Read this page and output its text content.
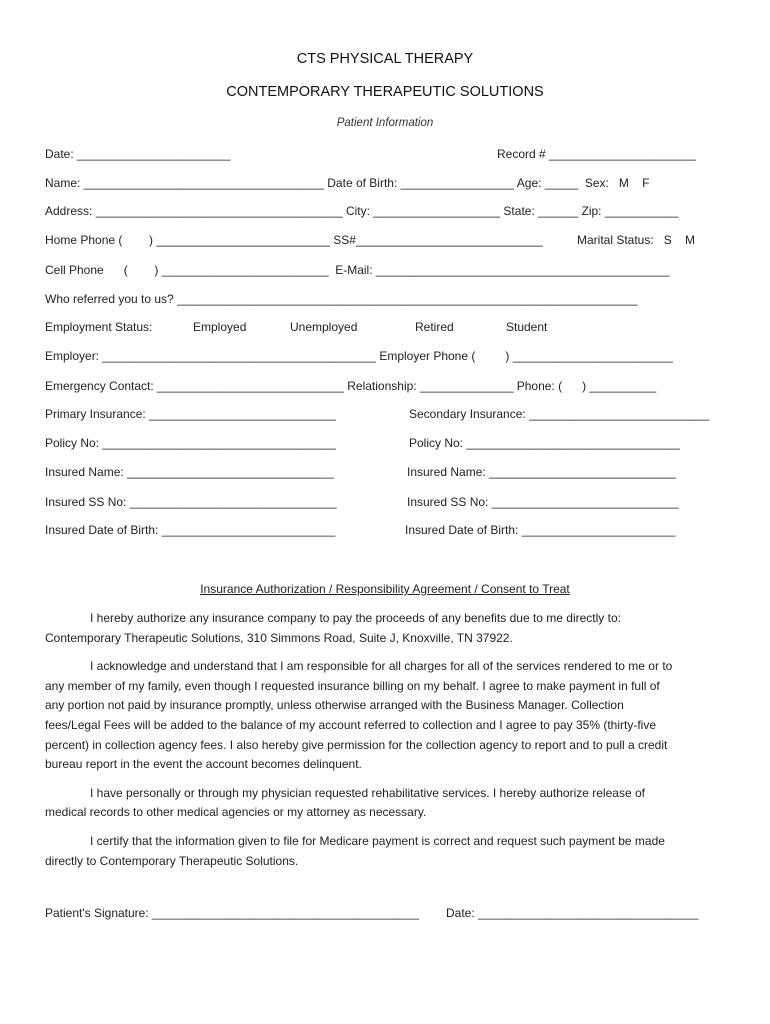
CTS PHYSICAL THERAPY
CONTEMPORARY THERAPEUTIC SOLUTIONS
Patient Information
Date: _______________________	Record # ______________________
Name: ____________________________________ Date of Birth: _________________ Age: _____  Sex:   M    F
Address: _____________________________________ City: ___________________ State: ______ Zip: ___________
Home Phone (        ) __________________________ SS#____________________________	Marital Status:   S    M
Cell Phone      (        ) _________________________  E-Mail: ____________________________________________
Who referred you to us? _____________________________________________________________________
Employment Status:	Employed	Unemployed	Retired	Student
Employer: _________________________________________ Employer Phone (         ) ________________________
Emergency Contact: ____________________________ Relationship: ______________ Phone: (      ) __________
Primary Insurance: ____________________________	Secondary Insurance: ___________________________
Policy No: ___________________________________	Policy No: ________________________________
Insured Name: _______________________________	Insured Name: ____________________________
Insured SS No: _______________________________	Insured SS No: ____________________________
Insured Date of Birth: __________________________	Insured Date of Birth: _______________________
Insurance Authorization / Responsibility Agreement / Consent to Treat

I hereby authorize any insurance company to pay the proceeds of any benefits due to me directly to:
Contemporary Therapeutic Solutions, 310 Simmons Road, Suite J, Knoxville, TN 37922.

I acknowledge and understand that I am responsible for all charges for all of the services rendered to me or to
any member of my family, even though I requested insurance billing on my behalf. I agree to make payment in full of
any portion not paid by insurance promptly, unless otherwise arranged with the Business Manager. Collection
fees/Legal Fees will be added to the balance of my account referred to collection and I agree to pay 35% (thirty-five
percent) in collection agency fees. I also hereby give permission for the collection agency to report and to pull a credit
bureau report in the event the account becomes delinquent.

I have personally or through my physician requested rehabilitative services. I hereby authorize release of
medical records to other medical agencies or my attorney as necessary.

I certify that the information given to file for Medicare payment is correct and request such payment be made
directly to Contemporary Therapeutic Solutions.

Patient's Signature: ________________________________________ Date: _________________________________
